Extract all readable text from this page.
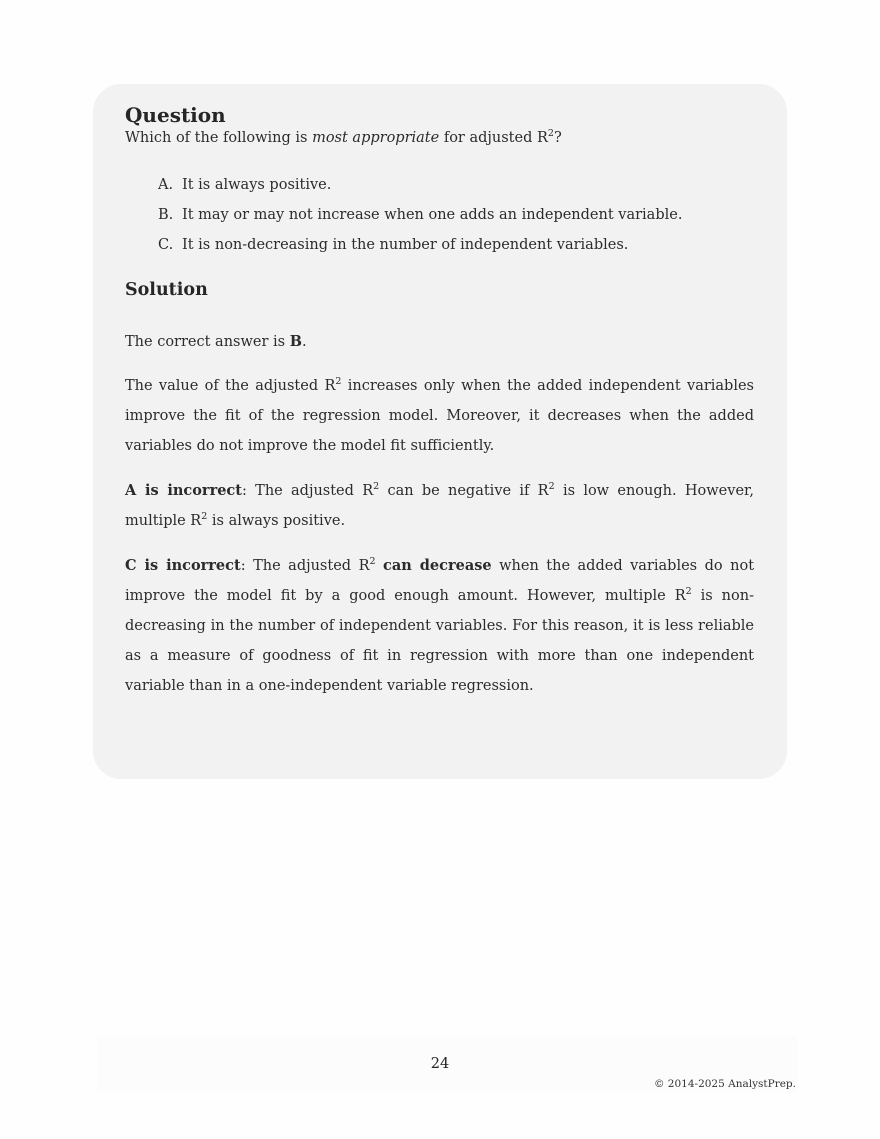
Question

Which of the following is most appropriate for adjusted $R^2$?

A. It is always positive.
B. It may or may not increase when one adds an independent variable.
C. It is non-decreasing in the number of independent variables.
Solution

The correct answer is B.

The value of the adjusted $R^2$ increases only when the added independent variables improve the fit of the regression model. Moreover, it decreases when the added variables do not improve the model fit sufficiently.

A is incorrect: The adjusted $R^2$ can be negative if $R^2$ is low enough. However, multiple $R^2$ is always positive.

C is incorrect: The adjusted $R^2$ can decrease when the added variables do not improve the model fit by a good enough amount. However, multiple $R^2$ is non-decreasing in the number of independent variables. For this reason, it is less reliable as a measure of goodness of fit in regression with more than one independent variable than in a one-independent variable regression.

24
© 2014-2025 AnalystPrep.
